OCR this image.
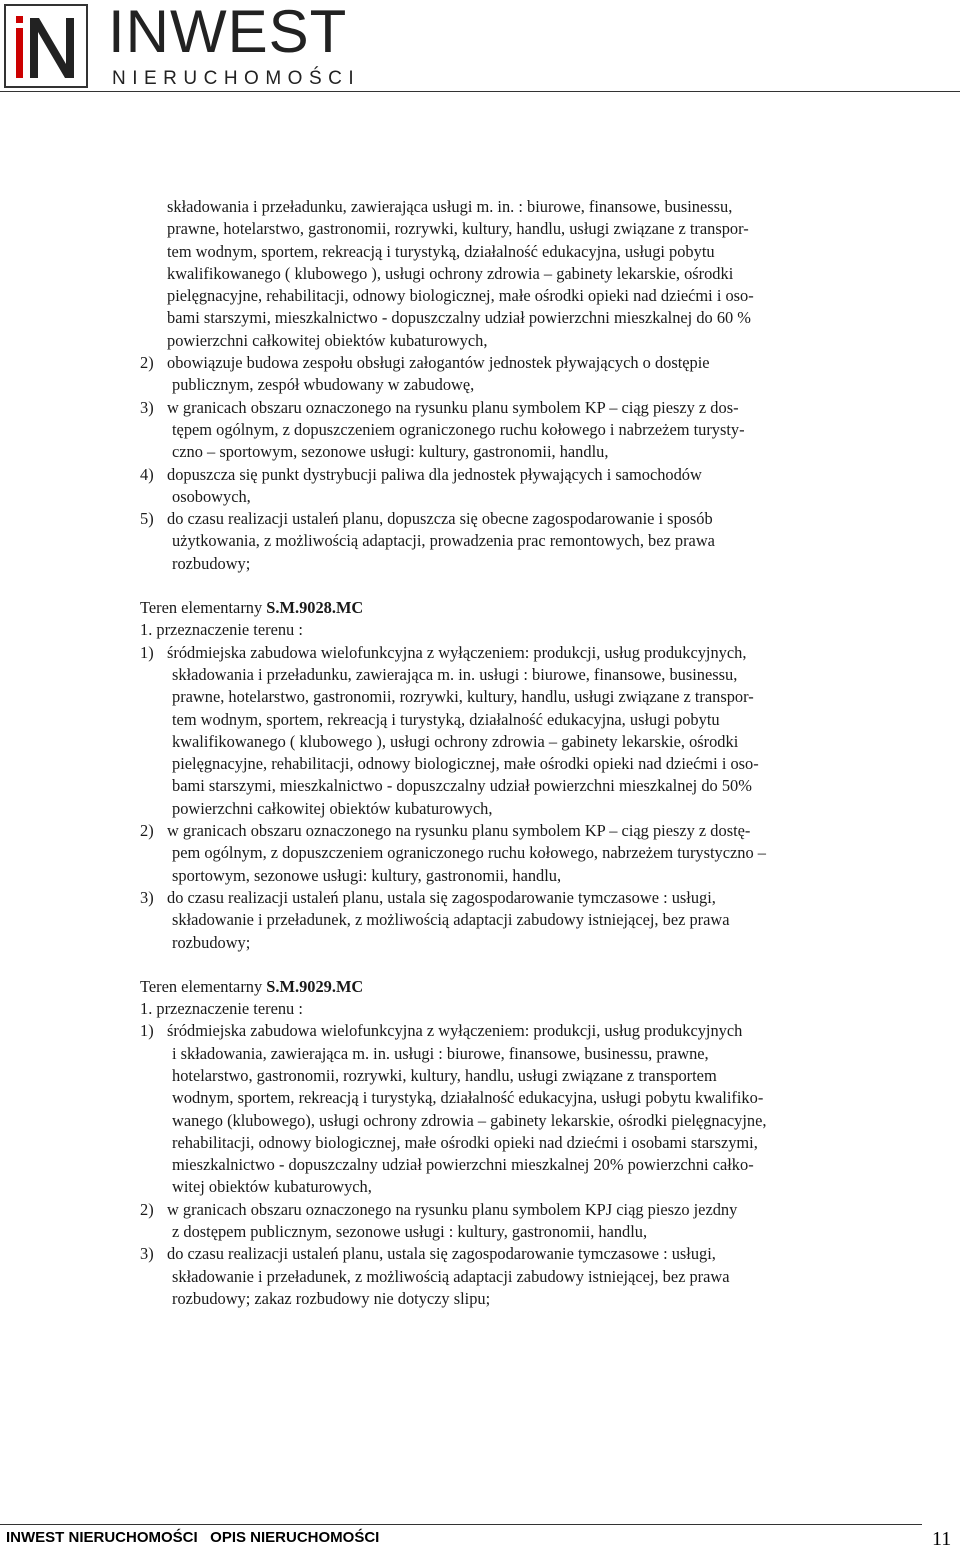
INWEST
NIERUCHOMOŚCI
składowania i przeładunku, zawierająca usługi m. in. : biurowe, finansowe, businessu,
prawne, hotelarstwo, gastronomii, rozrywki, kultury, handlu, usługi związane z transpor-
tem wodnym, sportem, rekreacją i turystyką, działalność edukacyjna, usługi pobytu
kwalifikowanego ( klubowego ), usługi ochrony zdrowia – gabinety lekarskie, ośrodki
pielęgnacyjne, rehabilitacji, odnowy biologicznej, małe ośrodki opieki nad dziećmi i oso-
bami starszymi, mieszkalnictwo - dopuszczalny udział powierzchni mieszkalnej do 60 %
powierzchni całkowitej obiektów kubaturowych,
2) obowiązuje budowa zespołu obsługi załogantów jednostek pływających o dostępie
publicznym, zespół wbudowany w zabudowę,
3) w granicach obszaru oznaczonego na rysunku planu symbolem KP – ciąg pieszy z dos-
tępem ogólnym, z dopuszczeniem ograniczonego ruchu kołowego i nabrzeżem turysty-
czno – sportowym, sezonowe usługi: kultury, gastronomii, handlu,
4) dopuszcza się punkt dystrybucji paliwa dla jednostek pływających i samochodów
osobowych,
5) do czasu realizacji ustaleń planu, dopuszcza się obecne zagospodarowanie i sposób
użytkowania, z możliwością adaptacji, prowadzenia prac remontowych, bez prawa
rozbudowy;
Teren elementarny S.M.9028.MC
1. przeznaczenie terenu :
1) śródmiejska zabudowa wielofunkcyjna z wyłączeniem: produkcji, usług produkcyjnych,
składowania i przeładunku, zawierająca m. in. usługi : biurowe, finansowe, businessu,
prawne, hotelarstwo, gastronomii, rozrywki, kultury, handlu, usługi związane z transpor-
tem wodnym, sportem, rekreacją i turystyką, działalność edukacyjna, usługi pobytu
kwalifikowanego ( klubowego ), usługi ochrony zdrowia – gabinety lekarskie, ośrodki
pielęgnacyjne, rehabilitacji, odnowy biologicznej, małe ośrodki opieki nad dziećmi i oso-
bami starszymi, mieszkalnictwo - dopuszczalny udział powierzchni mieszkalnej do 50%
powierzchni całkowitej obiektów kubaturowych,
2) w granicach obszaru oznaczonego na rysunku planu symbolem KP – ciąg pieszy z dostę-
pem ogólnym, z dopuszczeniem ograniczonego ruchu kołowego, nabrzeżem turystyczno –
sportowym, sezonowe usługi: kultury, gastronomii, handlu,
3) do czasu realizacji ustaleń planu, ustala się zagospodarowanie tymczasowe : usługi,
składowanie i przeładunek, z możliwością adaptacji zabudowy istniejącej, bez prawa
rozbudowy;
Teren elementarny S.M.9029.MC
1. przeznaczenie terenu :
1) śródmiejska zabudowa wielofunkcyjna z wyłączeniem: produkcji, usług produkcyjnych
i składowania, zawierająca m. in. usługi : biurowe, finansowe, businessu, prawne,
hotelarstwo, gastronomii, rozrywki, kultury, handlu, usługi związane z transportem
wodnym, sportem, rekreacją i turystyką, działalność edukacyjna, usługi pobytu kwalifiko-
wanego (klubowego), usługi ochrony zdrowia – gabinety lekarskie, ośrodki pielęgnacyjne,
rehabilitacji, odnowy biologicznej, małe ośrodki opieki nad dziećmi i osobami starszymi,
mieszkalnictwo - dopuszczalny udział powierzchni mieszkalnej 20% powierzchni całko-
witej obiektów kubaturowych,
2) w granicach obszaru oznaczonego na rysunku planu symbolem KPJ ciąg pieszo jezdny
z dostępem publicznym, sezonowe usługi : kultury, gastronomii, handlu,
3) do czasu realizacji ustaleń planu, ustala się zagospodarowanie tymczasowe : usługi,
składowanie i przeładunek, z możliwością adaptacji zabudowy istniejącej, bez prawa
rozbudowy; zakaz rozbudowy nie dotyczy slipu;
INWEST NIERUCHOMOŚCI   OPIS NIERUCHOMOŚCI	11
